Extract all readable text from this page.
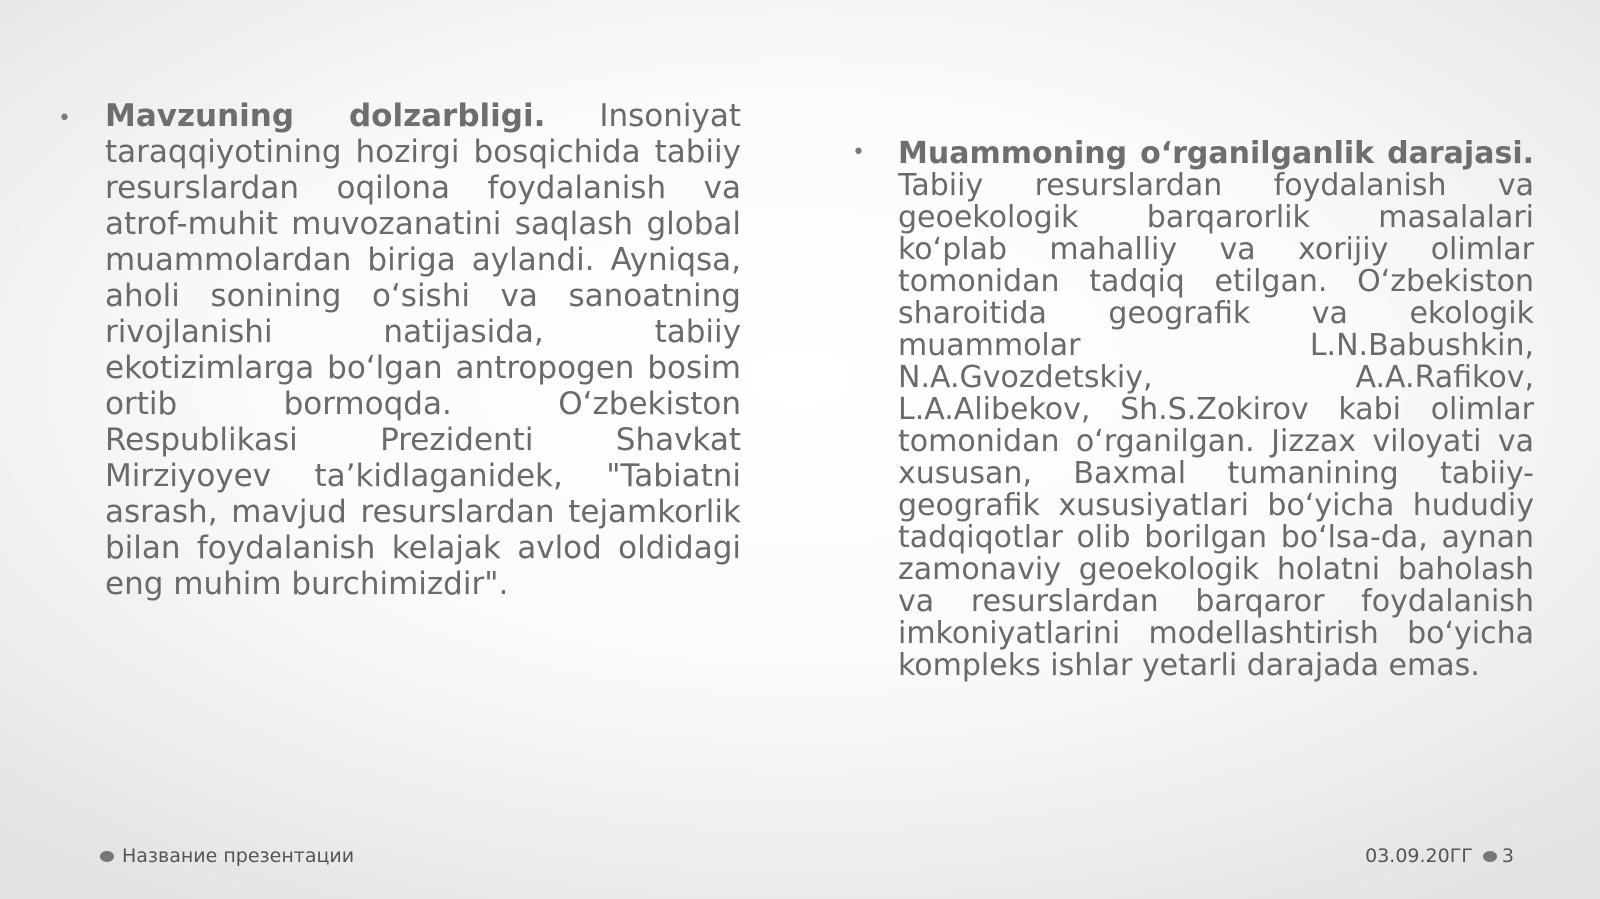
• Mavzuning dolzarbligi. Insoniyat taraqqiyotining hozirgi bosqichida tabiiy resurslardan oqilona foydalanish va atrof-muhit muvozanatini saqlash global muammolardan biriga aylandi. Ayniqsa, aholi sonining oʻsishi va sanoatning rivojlanishi natijasida, tabiiy ekotizimlarga boʻlgan antropogen bosim ortib bormoqda. Oʻzbekiston Respublikasi Prezidenti Shavkat Mirziyoyev taʼkidlaganidek, "Tabiatni asrash, mavjud resurslardan tejamkorlik bilan foydalanish kelajak avlod oldidagi eng muhim burchimizdir".
• Muammoning oʻrganilganlik darajasi. Tabiiy resurslardan foydalanish va geoekologik barqarorlik masalalari koʻplab mahalliy va xorijiy olimlar tomonidan tadqiq etilgan. Oʻzbekiston sharoitida geografik va ekologik muammolar L.N.Babushkin, N.A.Gvozdetskiy, A.A.Rafikov, L.A.Alibekov, Sh.S.Zokirov kabi olimlar tomonidan oʻrganilgan. Jizzax viloyati va xususan, Baxmal tumanining tabiiy-geografik xususiyatlari boʻyicha hududiy tadqiqotlar olib borilgan boʻlsa-da, aynan zamonaviy geoekologik holatni baholash va resurslardan barqaror foydalanish imkoniyatlarini modellashtirish boʻyicha kompleks ishlar yetarli darajada emas.
Название презентации	03.09.20ГГ 3
